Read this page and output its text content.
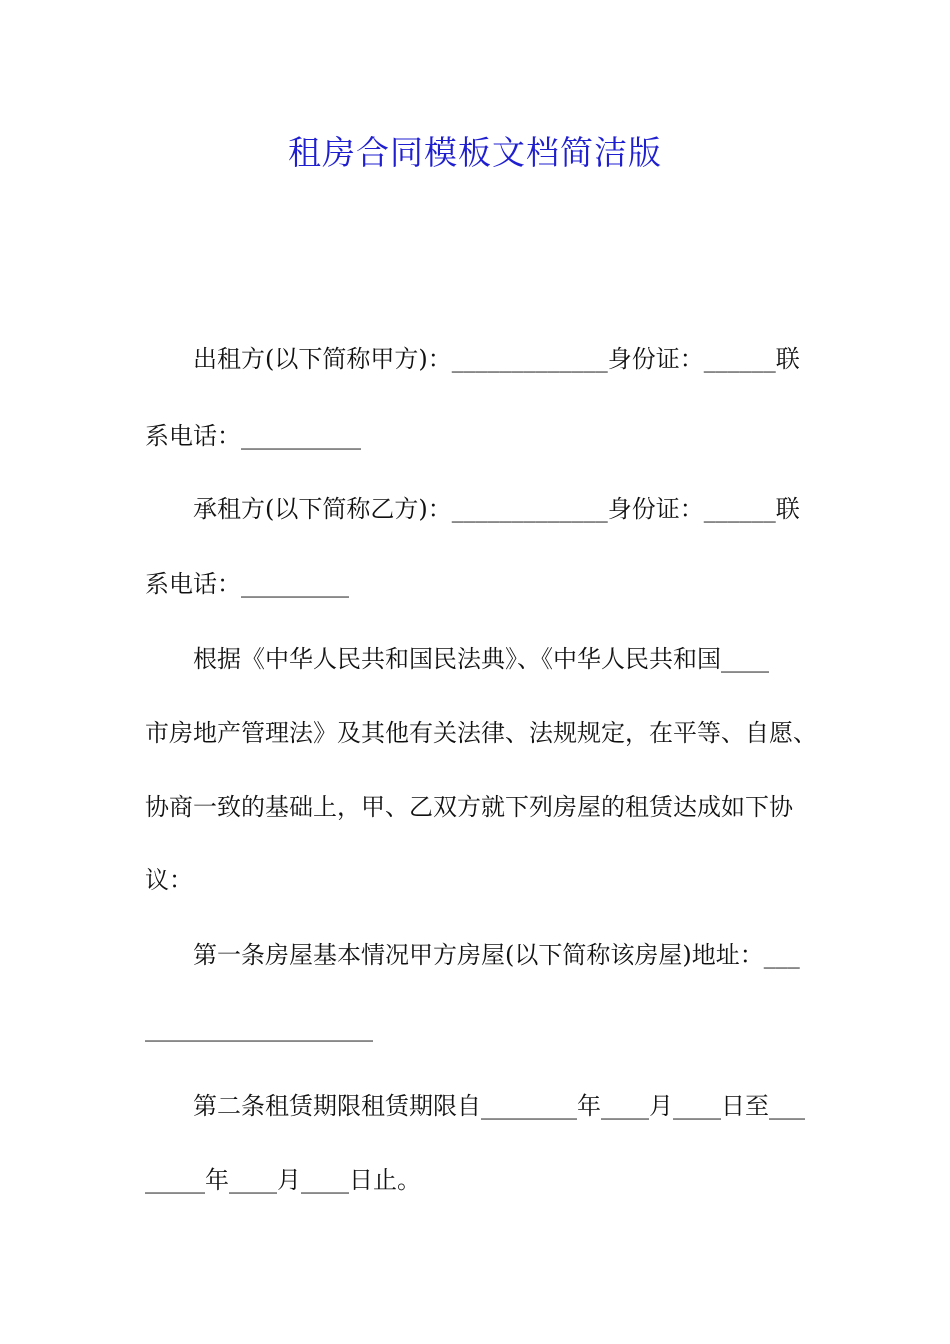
租房合同模板文档简洁版
出租方(以下简称甲方)：_____________身份证：______联
系电话：__________
承租方(以下简称乙方)：_____________身份证：______联
系电话：_________
根据《中华人民共和国民法典》、《中华人民共和国____
市房地产管理法》及其他有关法律、法规规定，在平等、自愿、
协商一致的基础上，甲、乙双方就下列房屋的租赁达成如下协
议：
第一条房屋基本情况甲方房屋(以下简称该房屋)地址：___
___________________
第二条租赁期限租赁期限自________年____月____日至___
_____年____月____日止。
